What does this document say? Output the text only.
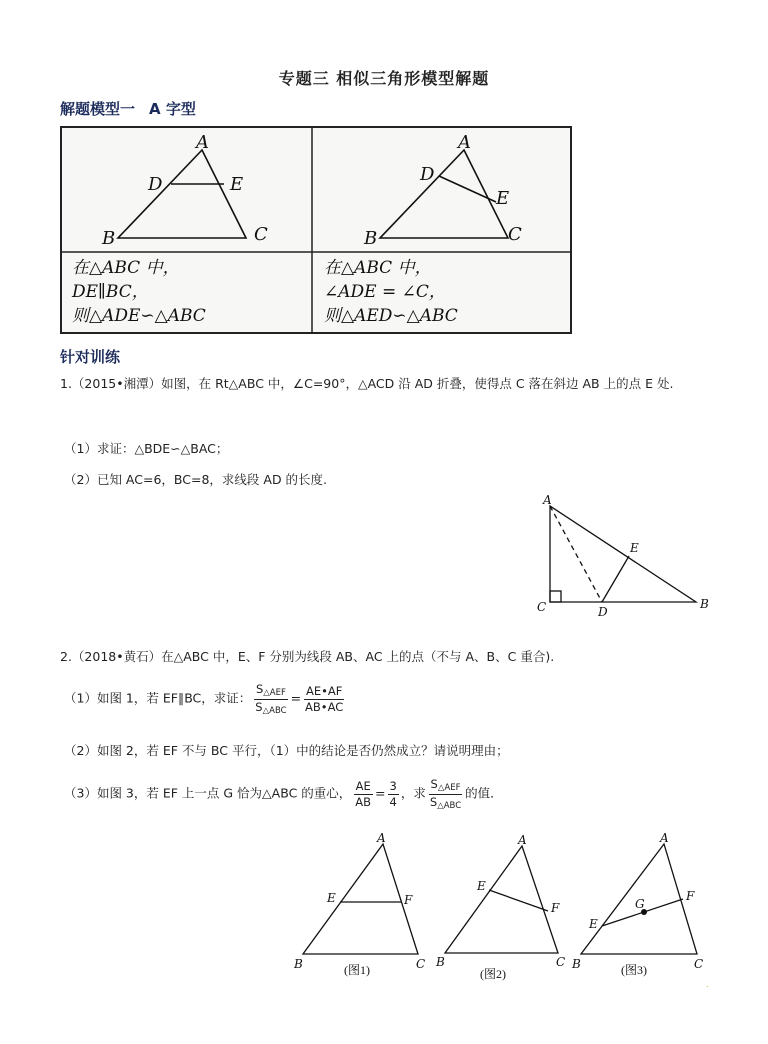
专题三 相似三角形模型解题
解题模型一 A 字型
A
D	E
B	C
A
D
E
B	C
在△ABC 中，
DE∥BC，
则△ADE∽△ABC
在△ABC 中，
∠ADE = ∠C，
则△AED∽△ABC
针对训练
1.（2015•湘潭）如图，在 Rt△ABC 中，∠C=90°，△ACD 沿 AD 折叠，使得点 C 落在斜边 AB 上的点 E 处.
（1）求证：△BDE∽△BAC；
（2）已知 AC=6，BC=8，求线段 AD 的长度.
A
E
C	D
B
2.（2018•黄石）在△ABC 中，E、F 分别为线段 AB、AC 上的点（不与 A、B、C 重合).
（1）如图 1，若 EF∥BC，求证： $\frac{S_{\triangle AEF}}{S_{\triangle ABC}} = \frac{AE•AF}{AB•AC}$
（2）如图 2，若 EF 不与 BC 平行，（1）中的结论是否仍然成立？请说明理由；
（3）如图 3，若 EF 上一点 G 恰为△ABC 的重心， $\frac{AE}{AB} = \frac{3}{4}$ ，求 $\frac{S_{\triangle AEF}}{S_{\triangle ABC}}$ 的值．
A
E	F
B	C
(图1)
A
E
F
B	C
(图2)
A
E
F
G
B	C
(图3)
.
